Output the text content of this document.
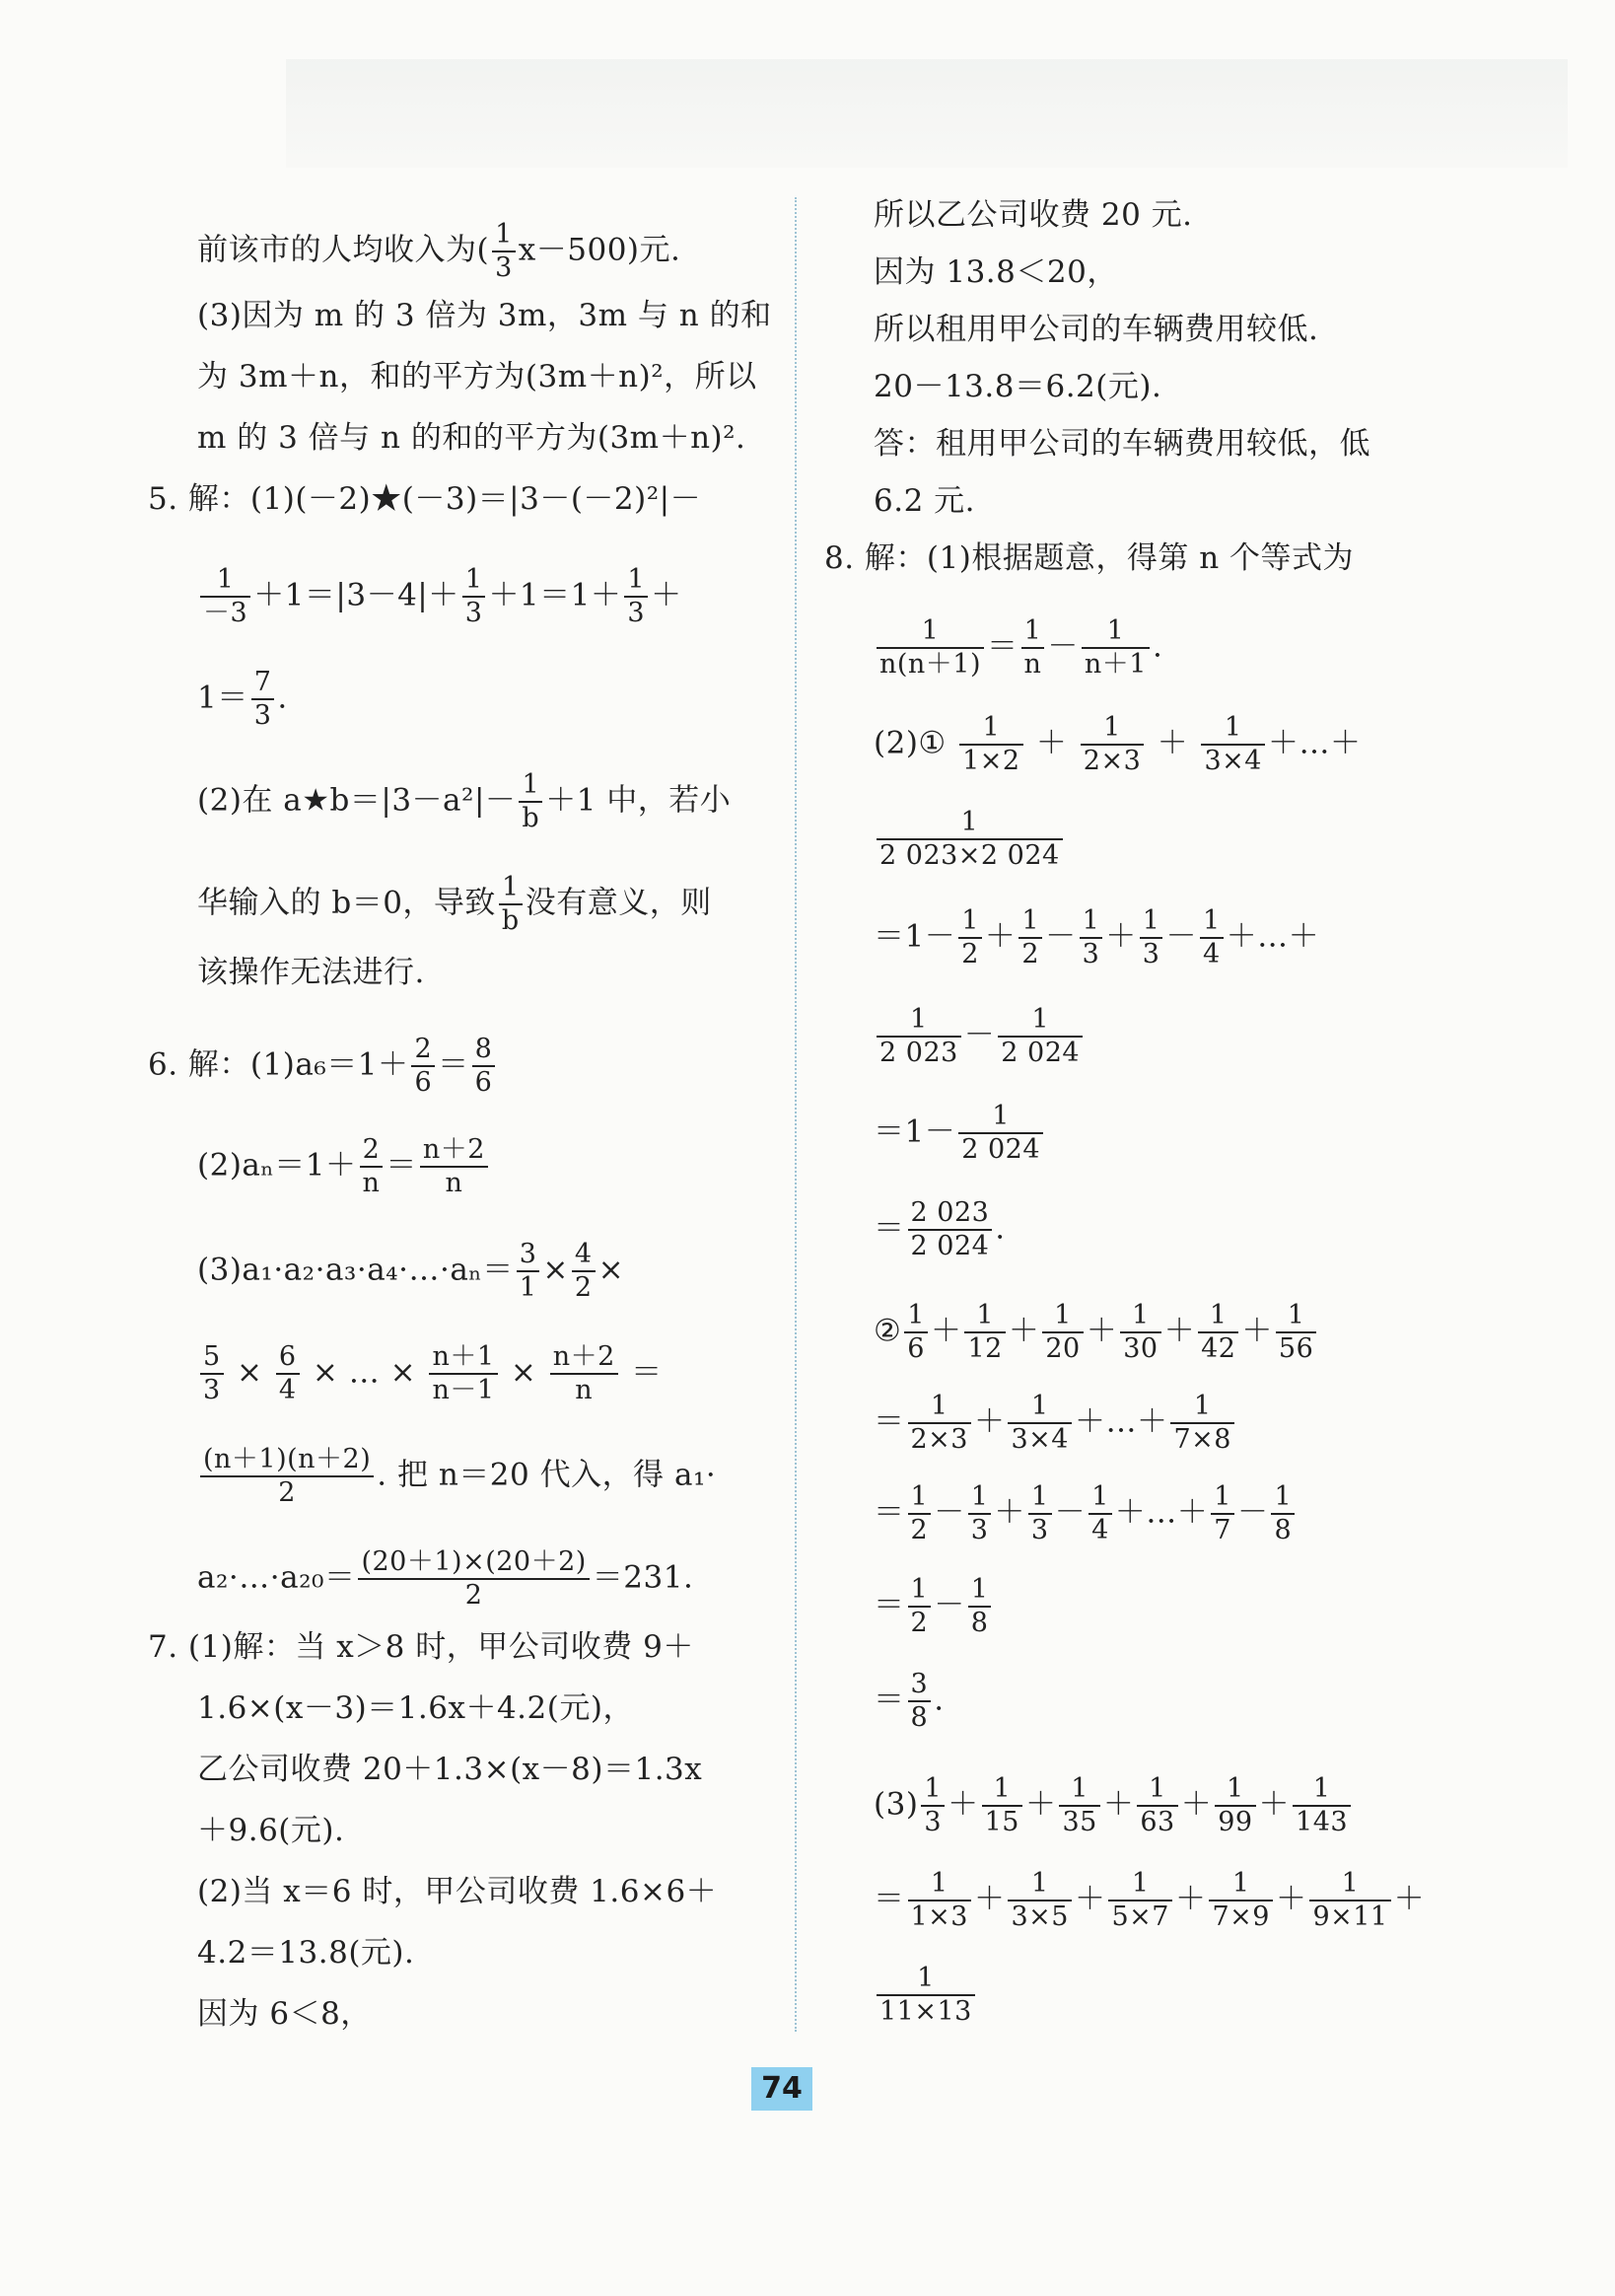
前该市的人均收入为( $\frac{1}{3} x-500$)元.
(3)因为 m 的 3 倍为 3m，3m 与 n 的和
为 3m＋n，和的平方为(3m＋n)²，所以
m 的 3 倍与 n 的和的平方为(3m＋n)².
5. 解：(1)(－2)★(－3)＝|3－(－2)²|－
$\frac{1}{-3} +1=|3-4|+ \frac{1}{3} +1=1+ \frac{1}{3}$ ＋
$1= \frac{7}{3}$ .
(2)在 a★b＝|3－a²|－ $\frac{1}{b} +1$ 中，若小
华输入的 b＝0，导致 $\frac{1}{b}$ 没有意义，则
该操作无法进行.
6. 解：$(1)a_6=1+ \frac{2}{6} = \frac{8}{6}$
$(2)a_n=1+ \frac{2}{n} = \frac{n+2}{n}$
(3)a₁·a₂·a₃·a₄·…·aₙ＝ $\frac{3}{1} \times \frac{4}{2}$ ×
$\frac{5}{3} \times \frac{6}{4}$ × … × $\frac{n+1}{n-1} \times \frac{n+2}{n}$ ＝
$\frac{(n+1)(n+2)}{2}$ . 把 n＝20 代入，得 a₁·
a₂·…·a₂₀＝ $\frac{(20+1)\times(20+2)}{2} =231$.
7. (1)解：当 x＞8 时，甲公司收费 9＋
1.6×(x－3)＝1.6x＋4.2(元)，
乙公司收费 20＋1.3×(x－8)＝1.3x
＋9.6(元).
(2)当 x＝6 时，甲公司收费 1.6×6＋
4.2＝13.8(元).
因为 6＜8，
所以乙公司收费 20 元.
因为 13.8＜20，
所以租用甲公司的车辆费用较低.
20－13.8＝6.2(元).
答：租用甲公司的车辆费用较低，低
6.2 元.
8. 解：(1)根据题意，得第 n 个等式为
$\frac{1}{n(n+1)} = \frac{1}{n} - \frac{1}{n+1}$ .
(2)① $\frac{1}{1\times 2} + \frac{1}{2\times 3} + \frac{1}{3\times 4}$ ＋…＋
$\frac{1}{2 023\times 2 024}$
$=1- \frac{1}{2} + \frac{1}{2} - \frac{1}{3} + \frac{1}{3} - \frac{1}{4}$ ＋…＋
$\frac{1}{2 023} - \frac{1}{2 024}$
$=1- \frac{1}{2 024}$
＝ $\frac{2 023}{2 024}$ .
② $\frac{1}{6} + \frac{1}{12} + \frac{1}{20} + \frac{1}{30} + \frac{1}{42} + \frac{1}{56}$
＝ $\frac{1}{2\times 3} + \frac{1}{3\times 4}$ ＋…＋ $\frac{1}{7\times 8}$
＝ $\frac{1}{2} - \frac{1}{3} + \frac{1}{3} - \frac{1}{4}$ ＋…＋ $\frac{1}{7} - \frac{1}{8}$
＝ $\frac{1}{2} - \frac{1}{8}$
＝ $\frac{3}{8}$ .
$(3) \frac{1}{3} + \frac{1}{15} + \frac{1}{35} + \frac{1}{63} + \frac{1}{99} + \frac{1}{143}$
＝ $\frac{1}{1\times 3} + \frac{1}{3\times 5} + \frac{1}{5\times 7} + \frac{1}{7\times 9} + \frac{1}{9\times 11}$ ＋
$\frac{1}{11\times 13}$
74
